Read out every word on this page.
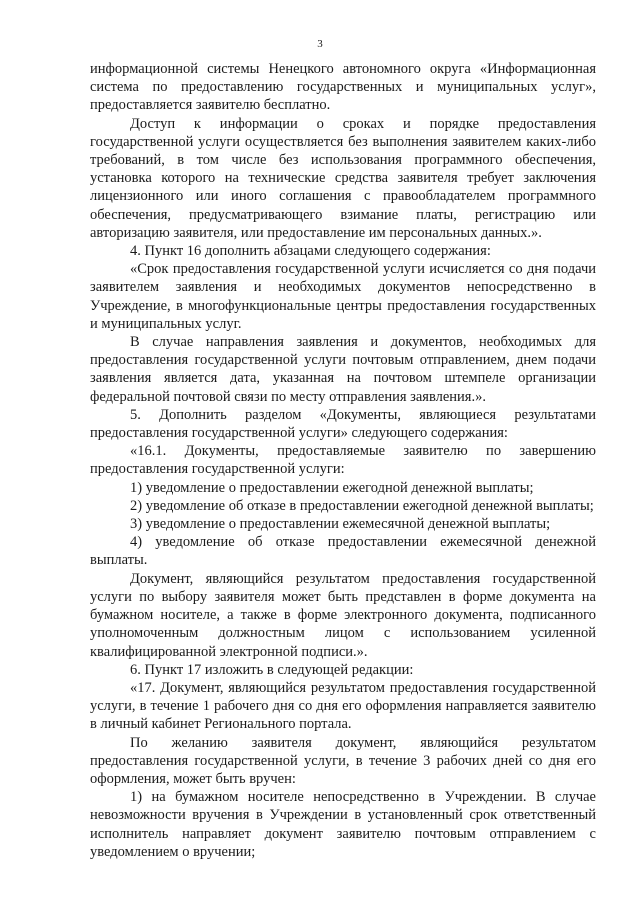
3

информационной системы Ненецкого автономного округа «Информационная система по предоставлению государственных и муниципальных услуг», предоставляется заявителю бесплатно.

Доступ к информации о сроках и порядке предоставления государственной услуги осуществляется без выполнения заявителем каких-либо требований, в том числе без использования программного обеспечения, установка которого на технические средства заявителя требует заключения лицензионного или иного соглашения с правообладателем программного обеспечения, предусматривающего взимание платы, регистрацию или авторизацию заявителя, или предоставление им персональных данных.».

4. Пункт 16 дополнить абзацами следующего содержания:

«Срок предоставления государственной услуги исчисляется со дня подачи заявителем заявления и необходимых документов непосредственно в Учреждение, в многофункциональные центры предоставления государственных и муниципальных услуг.

В случае направления заявления и документов, необходимых для предоставления государственной услуги почтовым отправлением, днем подачи заявления является дата, указанная на почтовом штемпеле организации федеральной почтовой связи по месту отправления заявления.».

5. Дополнить разделом «Документы, являющиеся результатами предоставления государственной услуги» следующего содержания:

«16.1. Документы, предоставляемые заявителю по завершению предоставления государственной услуги:

1) уведомление о предоставлении ежегодной денежной выплаты;

2) уведомление об отказе в предоставлении ежегодной денежной выплаты;

3) уведомление о предоставлении ежемесячной денежной выплаты;

4) уведомление об отказе предоставлении ежемесячной денежной выплаты.

Документ, являющийся результатом предоставления государственной услуги по выбору заявителя может быть представлен в форме документа на бумажном носителе, а также в форме электронного документа, подписанного уполномоченным должностным лицом с использованием усиленной квалифицированной электронной подписи.».

6. Пункт 17 изложить в следующей редакции:

«17. Документ, являющийся результатом предоставления государственной услуги, в течение 1 рабочего дня со дня его оформления направляется заявителю в личный кабинет Регионального портала.

По желанию заявителя документ, являющийся результатом предоставления государственной услуги, в течение 3 рабочих дней со дня его оформления, может быть вручен:

1) на бумажном носителе непосредственно в Учреждении. В случае невозможности вручения в Учреждении в установленный срок ответственный исполнитель направляет документ заявителю почтовым отправлением с уведомлением о вручении;
